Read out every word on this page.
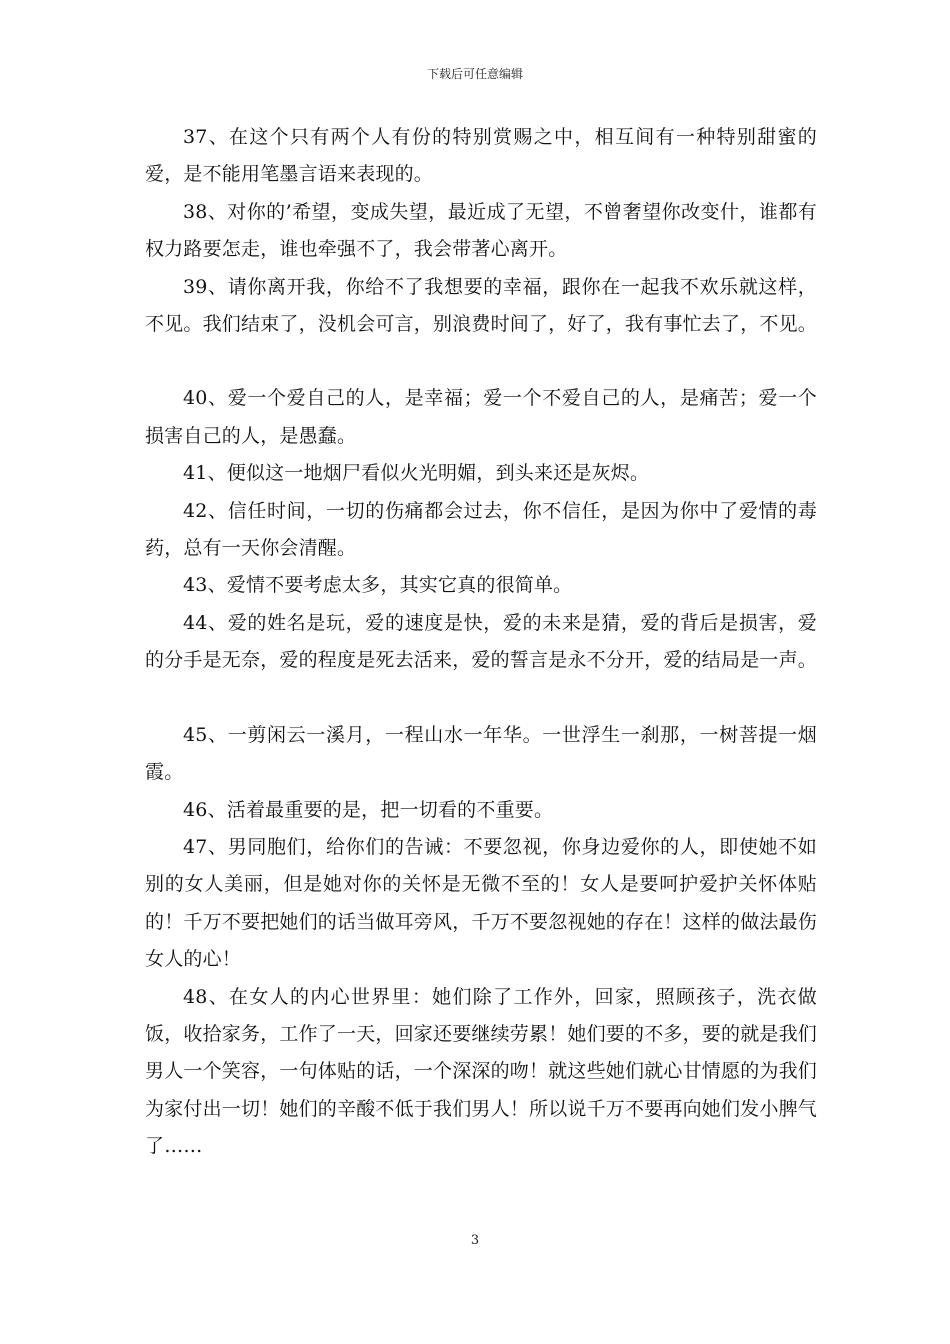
下载后可任意编辑

37、在这个只有两个人有份的特别赏赐之中，相互间有一种特别甜蜜的爱，是不能用笔墨言语来表现的。

38、对你的’希望，变成失望，最近成了无望，不曾奢望你改变什，谁都有权力路要怎走，谁也牵强不了，我会带著心离开。

39、请你离开我，你给不了我想要的幸福，跟你在一起我不欢乐就这样，不见。我们结束了，没机会可言，别浪费时间了，好了，我有事忙去了，不见。

40、爱一个爱自己的人，是幸福；爱一个不爱自己的人，是痛苦；爱一个损害自己的人，是愚蠢。

41、便似这一地烟尸看似火光明媚，到头来还是灰烬。

42、信任时间，一切的伤痛都会过去，你不信任，是因为你中了爱情的毒药，总有一天你会清醒。

43、爱情不要考虑太多，其实它真的很简单。

44、爱的姓名是玩，爱的速度是快，爱的未来是猜，爱的背后是损害，爱的分手是无奈，爱的程度是死去活来，爱的誓言是永不分开，爱的结局是一声。

45、一剪闲云一溪月，一程山水一年华。一世浮生一刹那，一树菩提一烟霞。

46、活着最重要的是，把一切看的不重要。

47、男同胞们，给你们的告诫：不要忽视，你身边爱你的人，即使她不如别的女人美丽，但是她对你的关怀是无微不至的！女人是要呵护爱护关怀体贴的！千万不要把她们的话当做耳旁风，千万不要忽视她的存在！这样的做法最伤女人的心！

48、在女人的内心世界里：她们除了工作外，回家，照顾孩子，洗衣做饭，收拾家务，工作了一天，回家还要继续劳累！她们要的不多，要的就是我们男人一个笑容，一句体贴的话，一个深深的吻！就这些她们就心甘情愿的为我们为家付出一切！她们的辛酸不低于我们男人！所以说千万不要再向她们发小脾气了……

3
